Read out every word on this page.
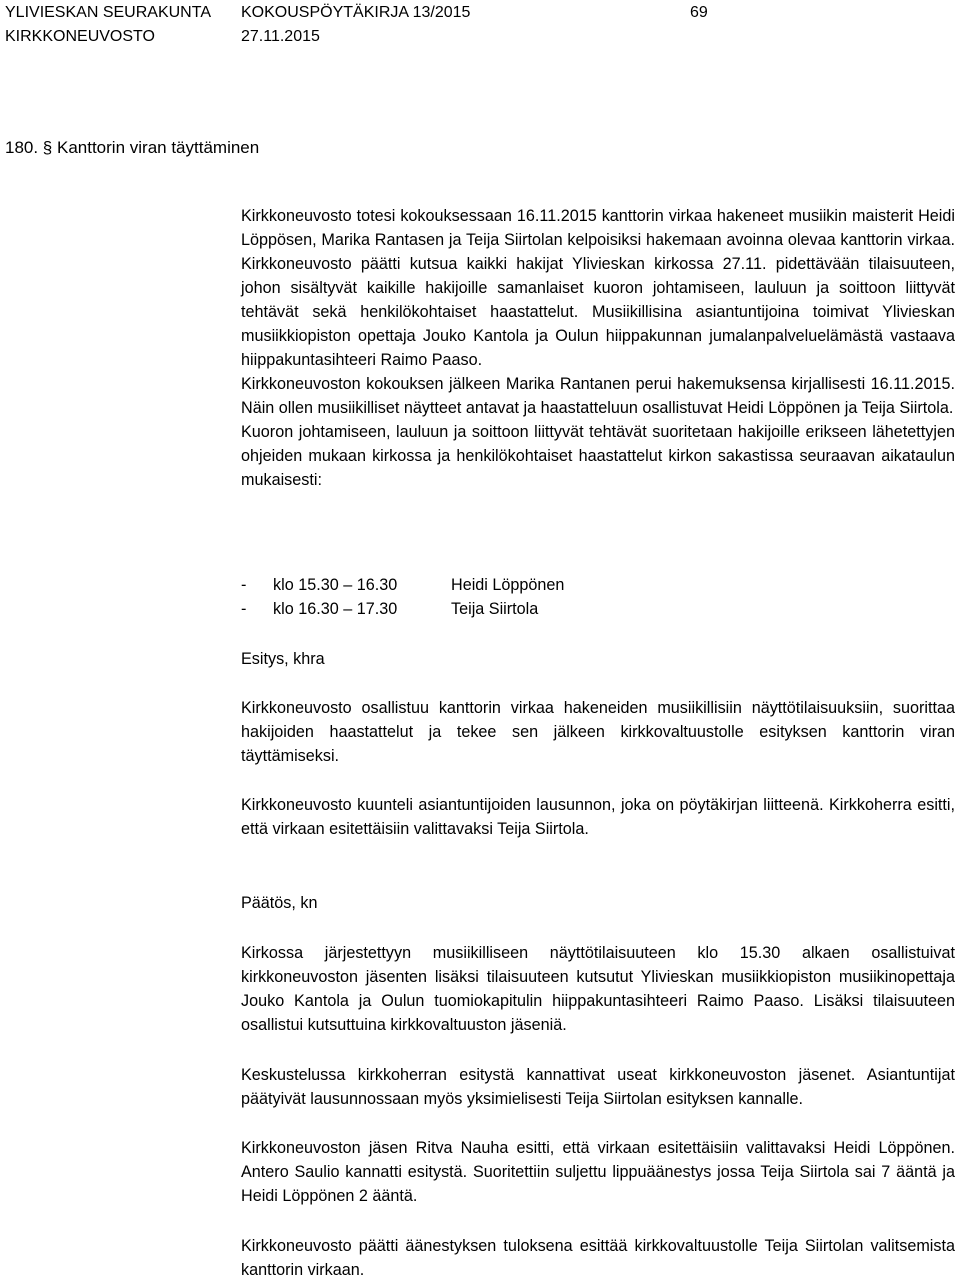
YLIVIESKAN SEURAKUNTA KOKOUSPÖYTÄKIRJA 13/2015	69
KIRKKONEUVOSTO	27.11.2015
180. § Kanttorin viran täyttäminen

Kirkkoneuvosto totesi kokouksessaan 16.11.2015 kanttorin virkaa hakeneet musiikin maisterit Heidi Löppösen, Marika Rantasen ja Teija Siirtolan kelpoisiksi hakemaan avoinna olevaa kanttorin virkaa. Kirkkoneuvosto päätti kutsua kaikki hakijat Ylivieskan kirkossa 27.11. pidettävään tilaisuuteen, johon sisältyvät kaikille hakijoille samanlaiset kuoron johtamiseen, lauluun ja soittoon liittyvät tehtävät sekä henkilökohtaiset haastattelut. Musiikillisina asiantuntijoina toimivat Ylivieskan musiikkiopiston opettaja Jouko Kantola ja Oulun hiippakunnan jumalanpalveluelämästä vastaava hiippakuntasihteeri Raimo Paaso.

Kirkkoneuvoston kokouksen jälkeen Marika Rantanen perui hakemuksensa kirjallisesti 16.11.2015. Näin ollen musiikilliset näytteet antavat ja haastatteluun osallistuvat Heidi Löppönen ja Teija Siirtola.

Kuoron johtamiseen, lauluun ja soittoon liittyvät tehtävät suoritetaan hakijoille erikseen lähetettyjen ohjeiden mukaan kirkossa ja henkilökohtaiset haastattelut kirkon sakastissa seuraavan aikataulun mukaisesti:

- klo 15.30 – 16.30	Heidi Löppönen
- klo 16.30 – 17.30	Teija Siirtola
Esitys, khra

Kirkkoneuvosto osallistuu kanttorin virkaa hakeneiden musiikillisiin näyttötilaisuuksiin, suorittaa hakijoiden haastattelut ja tekee sen jälkeen kirkkovaltuustolle esityksen kanttorin viran täyttämiseksi.

Kirkkoneuvosto kuunteli asiantuntijoiden lausunnon, joka on pöytäkirjan liitteenä. Kirkkoherra esitti, että virkaan esitettäisiin valittavaksi Teija Siirtola.

Päätös, kn

Kirkossa järjestettyyn musiikilliseen näyttötilaisuuteen klo 15.30 alkaen osallistuivat kirkkoneuvoston jäsenten lisäksi tilaisuuteen kutsutut Ylivieskan musiikkiopiston musiikinopettaja Jouko Kantola ja Oulun tuomiokapitulin hiippakuntasihteeri Raimo Paaso. Lisäksi tilaisuuteen osallistui kutsuttuina kirkkovaltuuston jäseniä.

Keskustelussa kirkkoherran esitystä kannattivat useat kirkkoneuvoston jäsenet. Asiantuntijat päätyivät lausunnossaan myös yksimielisesti Teija Siirtolan esityksen kannalle.

Kirkkoneuvoston jäsen Ritva Nauha esitti, että virkaan esitettäisiin valittavaksi Heidi Löppönen. Antero Saulio kannatti esitystä. Suoritettiin suljettu lippuäänestys jossa Teija Siirtola sai 7 ääntä ja Heidi Löppönen 2 ääntä.

Kirkkoneuvosto päätti äänestyksen tuloksena esittää kirkkovaltuustolle Teija Siirtolan valitsemista kanttorin virkaan.
